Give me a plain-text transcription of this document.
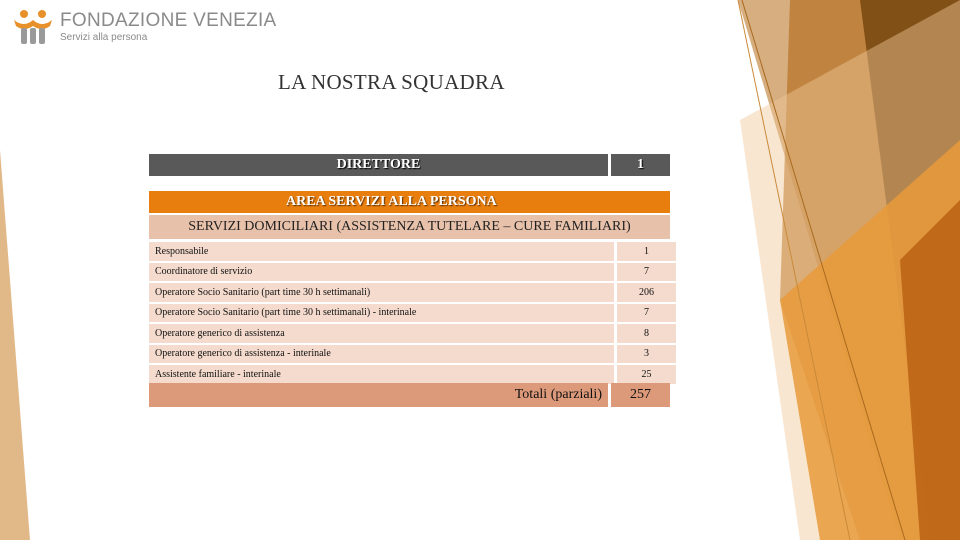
FONDAZIONE VENEZIA
Servizi alla persona
LA NOSTRA SQUADRA
DIRETTORE	1
AREA SERVIZI ALLA PERSONA
SERVIZI DOMICILIARI (ASSISTENZA TUTELARE – CURE FAMILIARI)
Responsabile	1
Coordinatore di servizio	7
Operatore Socio Sanitario (part time 30 h settimanali)	206
Operatore Socio Sanitario (part time 30 h settimanali) - interinale	7
Operatore generico di assistenza	8
Operatore generico di assistenza - interinale	3
Assistente familiare - interinale	25
Totali (parziali)	257
